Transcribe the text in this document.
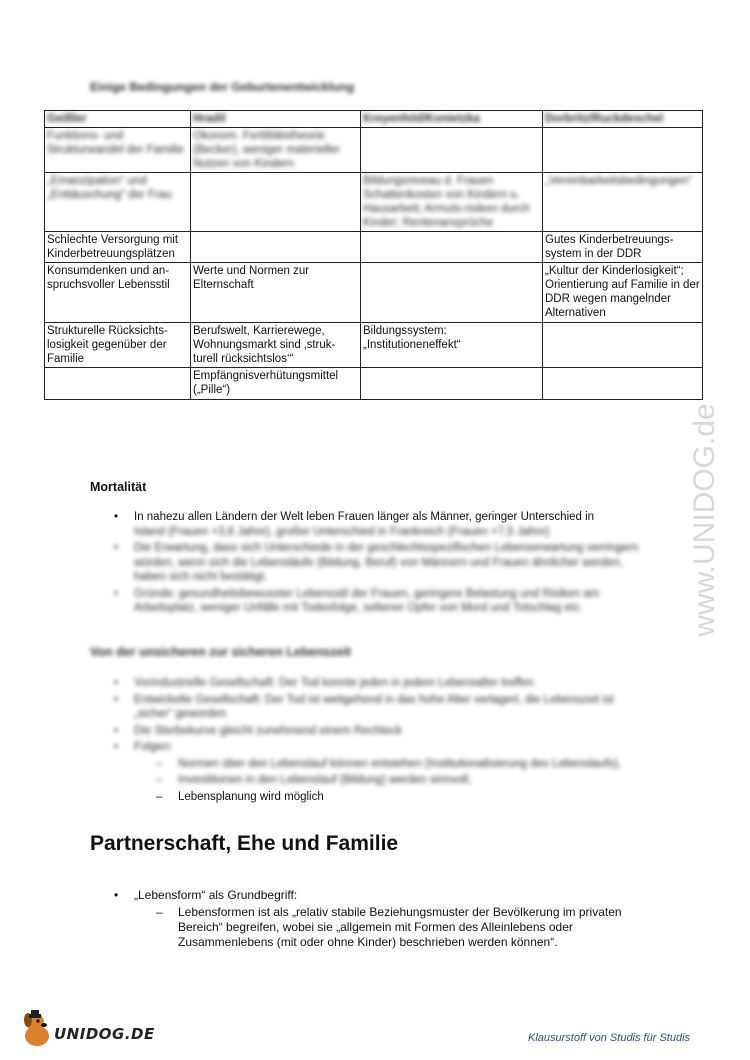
Einige Bedingungen der Geburtenentwicklung
Geißler	Hradil	Kreyenfeld/Konietzka	Dorbritz/Ruckdeschel
Funktions- und Strukturwandel der Familie	Ökonom. Fertilitätstheorie (Becker), weniger materieller Nutzen von Kindern		
„Emanzipation“ und „Enttäuschung“ der Frau		Bildungsniveau d. Frauen Schattenkosten von Kindern u. Hausarbeit; Armuts-risiken durch Kinder; Rentenansprüche	„Vereinbarkeitsbedingungen“
Schlechte Versorgung mit Kinderbetreuungsplätzen			Gutes Kinderbetreuungs-system in der DDR
Konsumdenken und an-spruchsvoller Lebensstil	Werte und Normen zur Elternschaft		„Kultur der Kinderlosigkeit“; Orientierung auf Familie in der DDR wegen mangelnder Alternativen
Strukturelle Rücksichts-losigkeit gegenüber der Familie	Berufswelt, Karrierewege, Wohnungsmarkt sind ‚struk-turell rücksichtslos‘“	Bildungssystem: „Institutioneneffekt“	
	Empfängnisverhütungsmittel („Pille“)		
Mortalität
• In nahezu allen Ländern der Welt leben Frauen länger als Männer, geringer Unterschied in
Island (Frauen +3,6 Jahre), großer Unterschied in Frankreich (Frauen +7,5 Jahre)
• Die Erwartung, dass sich Unterschiede in der geschlechtsspezifischen Lebenserwartung verringern würden, wenn sich die Lebensläufe (Bildung, Beruf) von Männern und Frauen ähnlicher werden, haben sich nicht bestätigt.
• Gründe: gesundheitsbewusster Lebensstil der Frauen, geringere Belastung und Risiken am Arbeitsplatz, weniger Unfälle mit Todesfolge, seltener Opfer von Mord und Totschlag etc.
Von der unsicheren zur sicheren Lebenszeit
• Vorindustrielle Gesellschaft: Der Tod konnte jeden in jedem Lebensalter treffen
• Entwickelte Gesellschaft: Der Tod ist weitgehend in das hohe Alter verlagert, die Lebenszeit ist „sicher“ geworden
• Die Sterbekurve gleicht zunehmend einem Rechteck
• Folgen:
– Normen über den Lebenslauf können entstehen (Institutionalisierung des Lebenslaufs),
– Investitionen in den Lebenslauf (Bildung) werden sinnvoll,
– Lebensplanung wird möglich
Partnerschaft, Ehe und Familie
• „Lebensform“ als Grundbegriff:
– Lebensformen ist als „relativ stabile Beziehungsmuster der Bevölkerung im privaten
Bereich“ begreifen, wobei sie „allgemein mit Formen des Alleinlebens oder
Zusammenlebens (mit oder ohne Kinder) beschrieben werden können“.
www.UNIDOG.de
UNIDOG.DE	Klausurstoff von Studis für Studis
